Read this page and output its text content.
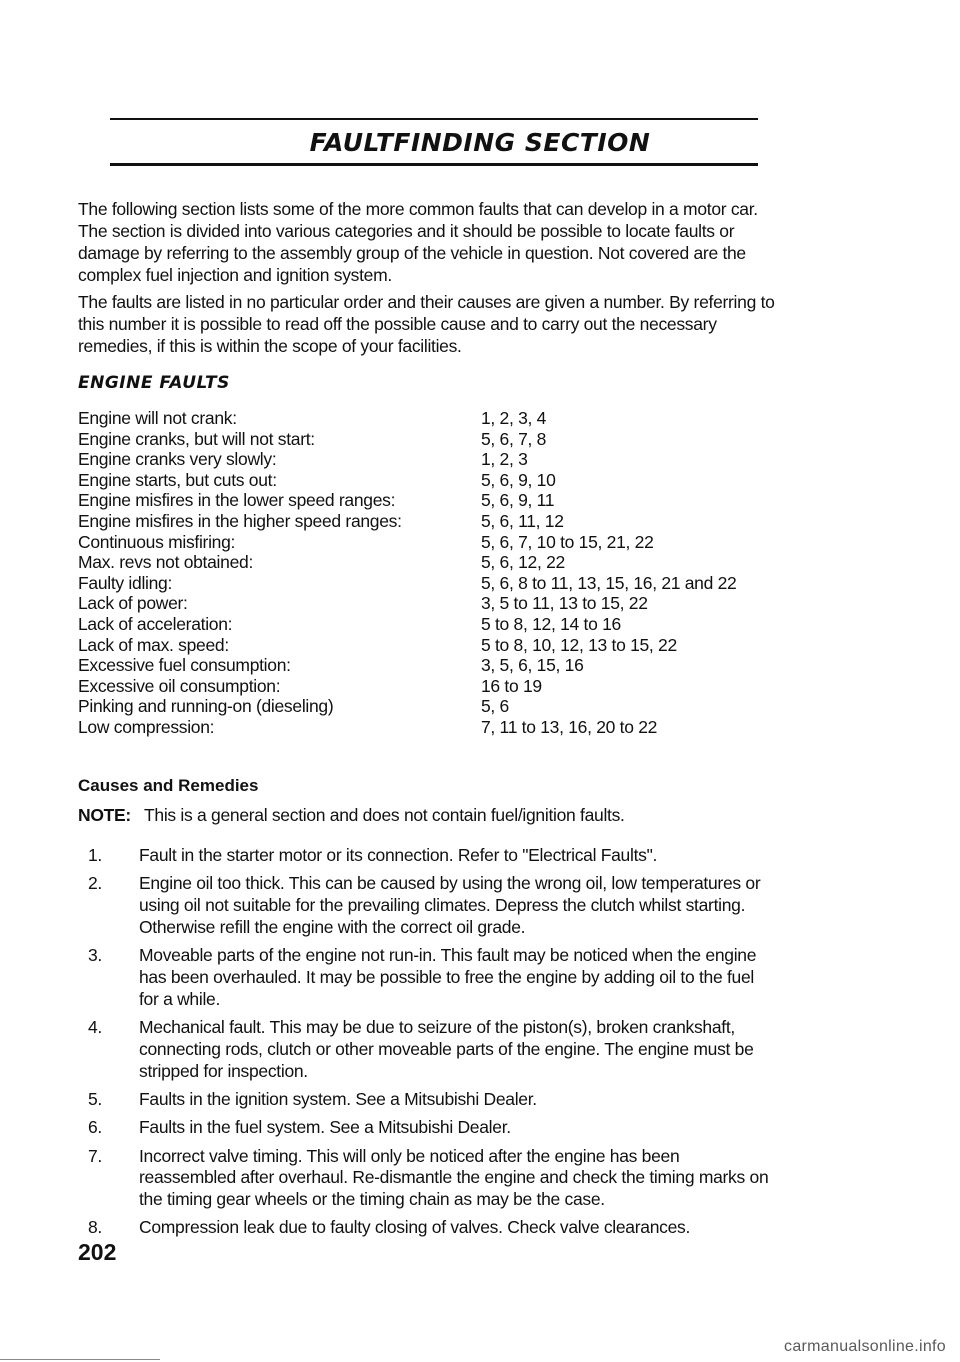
FAULTFINDING SECTION

The following section lists some of the more common faults that can develop in a motor car. The section is divided into various categories and it should be possible to locate faults or damage by referring to the assembly group of the vehicle in question. Not covered are the complex fuel injection and ignition system.

The faults are listed in no particular order and their causes are given a number. By referring to this number it is possible to read off the possible cause and to carry out the necessary remedies, if this is within the scope of your facilities.

ENGINE FAULTS
Engine will not crank:	1, 2, 3, 4
Engine cranks, but will not start:	5, 6, 7, 8
Engine cranks very slowly:	1, 2, 3
Engine starts, but cuts out:	5, 6, 9, 10
Engine misfires in the lower speed ranges:	5, 6, 9, 11
Engine misfires in the higher speed ranges:	5, 6, 11, 12
Continuous misfiring:	5, 6, 7, 10 to 15, 21, 22
Max. revs not obtained:	5, 6, 12, 22
Faulty idling:	5, 6, 8 to 11, 13, 15, 16, 21 and 22
Lack of power:	3, 5 to 11, 13 to 15, 22
Lack of acceleration:	5 to 8, 12, 14 to 16
Lack of max. speed:	5 to 8, 10, 12, 13 to 15, 22
Excessive fuel consumption:	3, 5, 6, 15, 16
Excessive oil consumption:	16 to 19
Pinking and running-on (dieseling)	5, 6
Low compression:	7, 11 to 13, 16, 20 to 22
Causes and Remedies
NOTE: This is a general section and does not contain fuel/ignition faults.
1. Fault in the starter motor or its connection. Refer to "Electrical Faults".
2. Engine oil too thick. This can be caused by using the wrong oil, low temperatures or using oil not suitable for the prevailing climates. Depress the clutch whilst starting. Otherwise refill the engine with the correct oil grade.
3. Moveable parts of the engine not run-in. This fault may be noticed when the engine has been overhauled. It may be possible to free the engine by adding oil to the fuel for a while.
4. Mechanical fault. This may be due to seizure of the piston(s), broken crankshaft, connecting rods, clutch or other moveable parts of the engine. The engine must be stripped for inspection.
5. Faults in the ignition system. See a Mitsubishi Dealer.
6. Faults in the fuel system. See a Mitsubishi Dealer.
7. Incorrect valve timing. This will only be noticed after the engine has been reassembled after overhaul. Re-dismantle the engine and check the timing marks on the timing gear wheels or the timing chain as may be the case.
8. Compression leak due to faulty closing of valves. Check valve clearances.
202
carmanualsonline.info
